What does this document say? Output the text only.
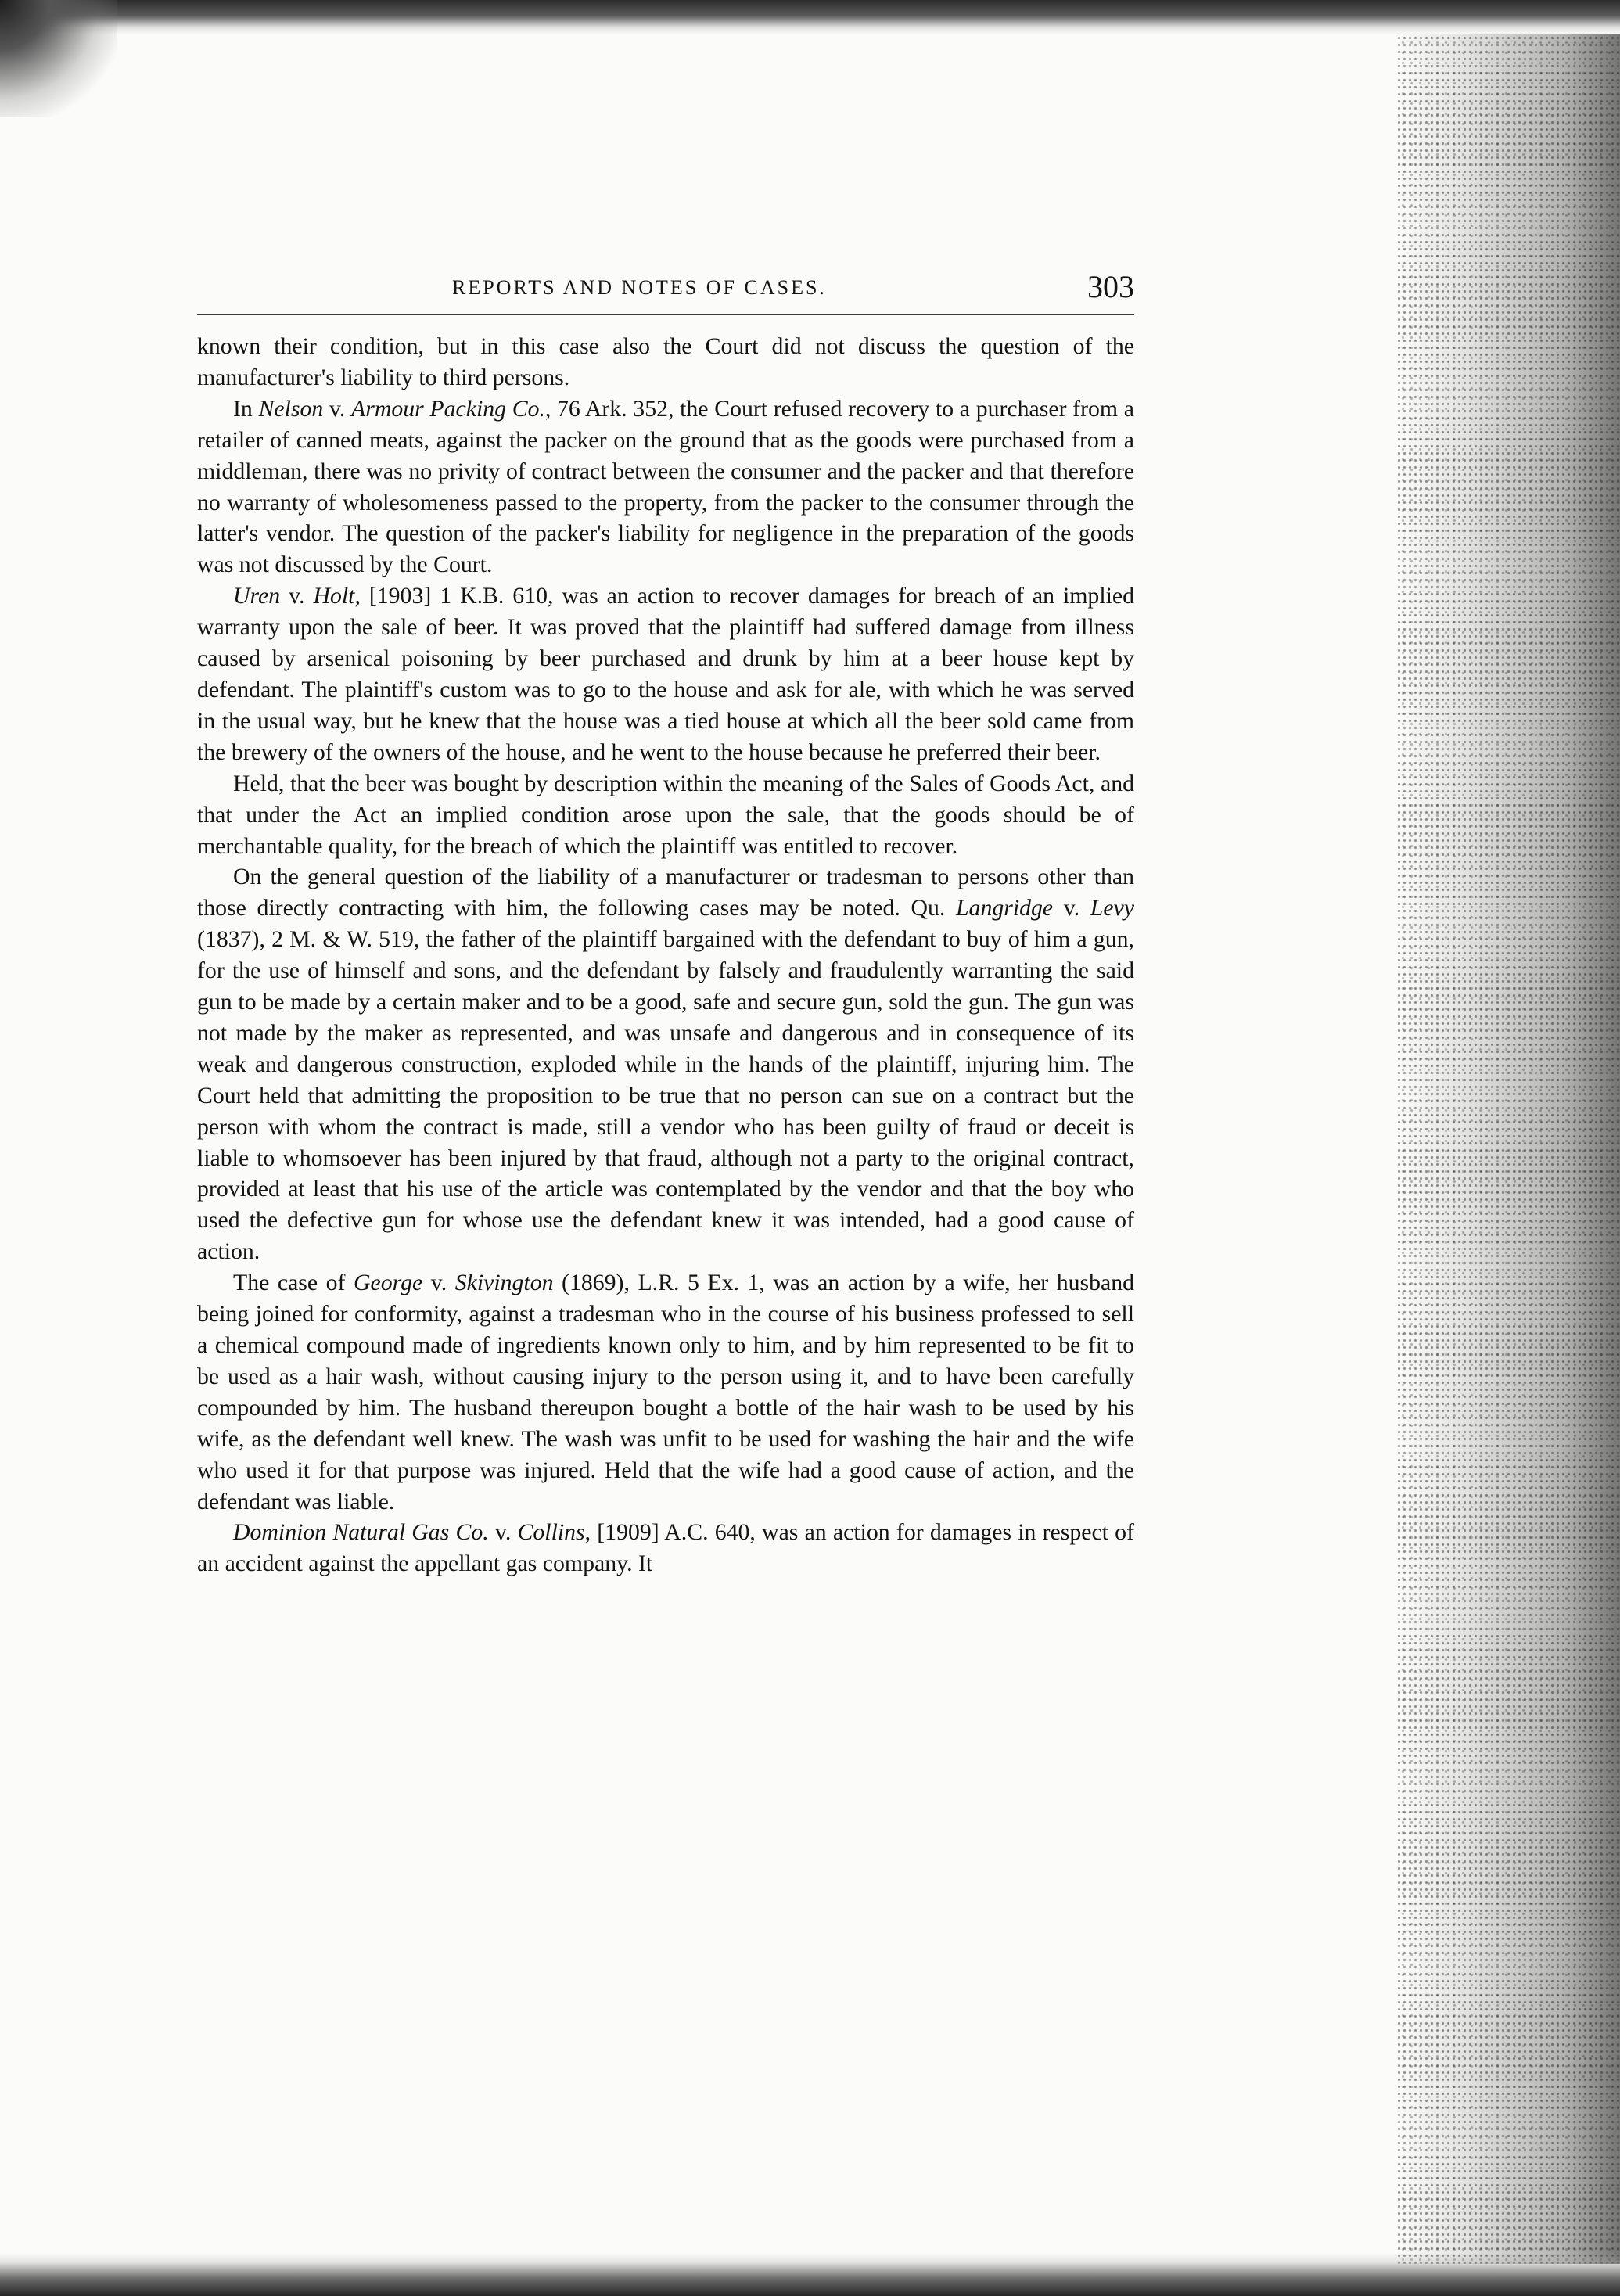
REPORTS AND NOTES OF CASES.	303

known their condition, but in this case also the Court did not discuss the question of the manufacturer's liability to third persons.

In Nelson v. Armour Packing Co., 76 Ark. 352, the Court refused recovery to a purchaser from a retailer of canned meats, against the packer on the ground that as the goods were purchased from a middleman, there was no privity of contract between the consumer and the packer and that therefore no warranty of wholesomeness passed to the property, from the packer to the consumer through the latter's vendor. The question of the packer's liability for negligence in the preparation of the goods was not discussed by the Court.

Uren v. Holt, [1903] 1 K.B. 610, was an action to recover damages for breach of an implied warranty upon the sale of beer. It was proved that the plaintiff had suffered damage from illness caused by arsenical poisoning by beer purchased and drunk by him at a beer house kept by defendant. The plaintiff's custom was to go to the house and ask for ale, with which he was served in the usual way, but he knew that the house was a tied house at which all the beer sold came from the brewery of the owners of the house, and he went to the house because he preferred their beer.

Held, that the beer was bought by description within the meaning of the Sales of Goods Act, and that under the Act an implied condition arose upon the sale, that the goods should be of merchantable quality, for the breach of which the plaintiff was entitled to recover.

On the general question of the liability of a manufacturer or tradesman to persons other than those directly contracting with him, the following cases may be noted. Qu. Langridge v. Levy (1837), 2 M. & W. 519, the father of the plaintiff bargained with the defendant to buy of him a gun, for the use of himself and sons, and the defendant by falsely and fraudulently warranting the said gun to be made by a certain maker and to be a good, safe and secure gun, sold the gun. The gun was not made by the maker as represented, and was unsafe and dangerous and in consequence of its weak and dangerous construction, exploded while in the hands of the plaintiff, injuring him. The Court held that admitting the proposition to be true that no person can sue on a contract but the person with whom the contract is made, still a vendor who has been guilty of fraud or deceit is liable to whomsoever has been injured by that fraud, although not a party to the original contract, provided at least that his use of the article was contemplated by the vendor and that the boy who used the defective gun for whose use the defendant knew it was intended, had a good cause of action.

The case of George v. Skivington (1869), L.R. 5 Ex. 1, was an action by a wife, her husband being joined for conformity, against a tradesman who in the course of his business professed to sell a chemical compound made of ingredients known only to him, and by him represented to be fit to be used as a hair wash, without causing injury to the person using it, and to have been carefully compounded by him. The husband thereupon bought a bottle of the hair wash to be used by his wife, as the defendant well knew. The wash was unfit to be used for washing the hair and the wife who used it for that purpose was injured. Held that the wife had a good cause of action, and the defendant was liable.

Dominion Natural Gas Co. v. Collins, [1909] A.C. 640, was an action for damages in respect of an accident against the appellant gas company. It
